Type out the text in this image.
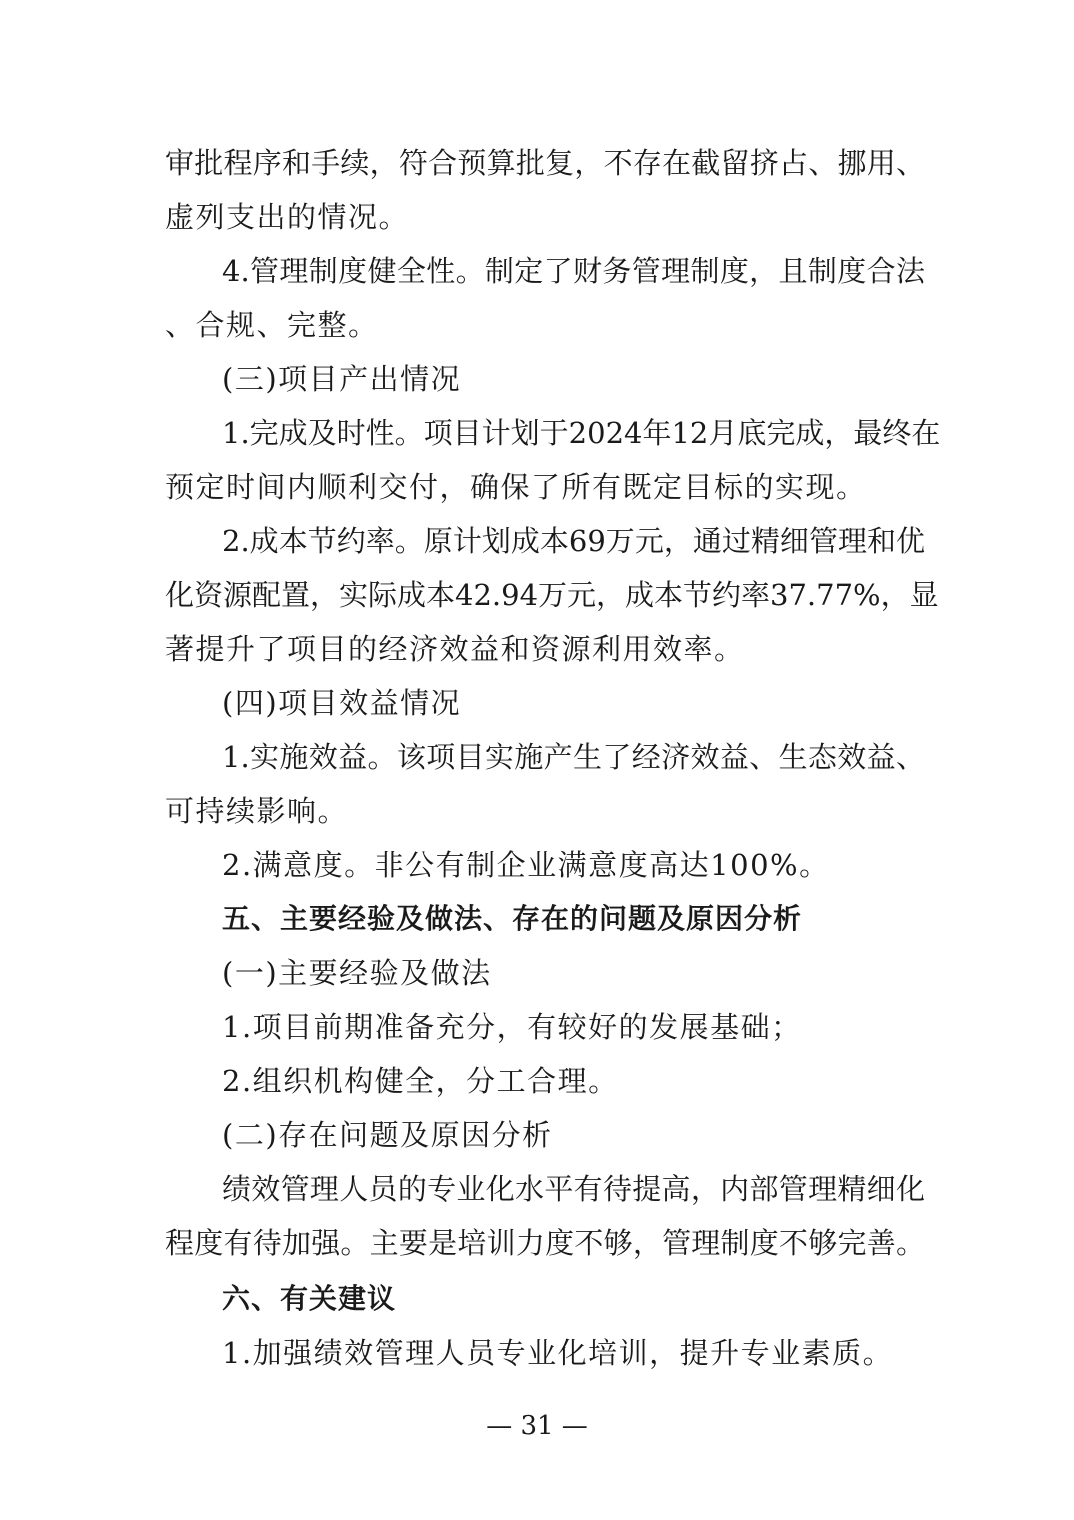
审批程序和手续，符合预算批复，不存在截留挤占、挪用、
虚列支出的情况。
4.管理制度健全性。制定了财务管理制度，且制度合法
、合规、完整。
(三)项目产出情况
1.完成及时性。项目计划于2024年12月底完成，最终在
预定时间内顺利交付，确保了所有既定目标的实现。
2.成本节约率。原计划成本69万元，通过精细管理和优
化资源配置，实际成本42.94万元，成本节约率37.77%，显
著提升了项目的经济效益和资源利用效率。
(四)项目效益情况
1.实施效益。该项目实施产生了经济效益、生态效益、
可持续影响。
2.满意度。非公有制企业满意度高达100%。
五、主要经验及做法、存在的问题及原因分析
(一)主要经验及做法
1.项目前期准备充分，有较好的发展基础；
2.组织机构健全，分工合理。
(二)存在问题及原因分析
绩效管理人员的专业化水平有待提高，内部管理精细化
程度有待加强。主要是培训力度不够，管理制度不够完善。
六、有关建议
1.加强绩效管理人员专业化培训，提升专业素质。
— 31 —
